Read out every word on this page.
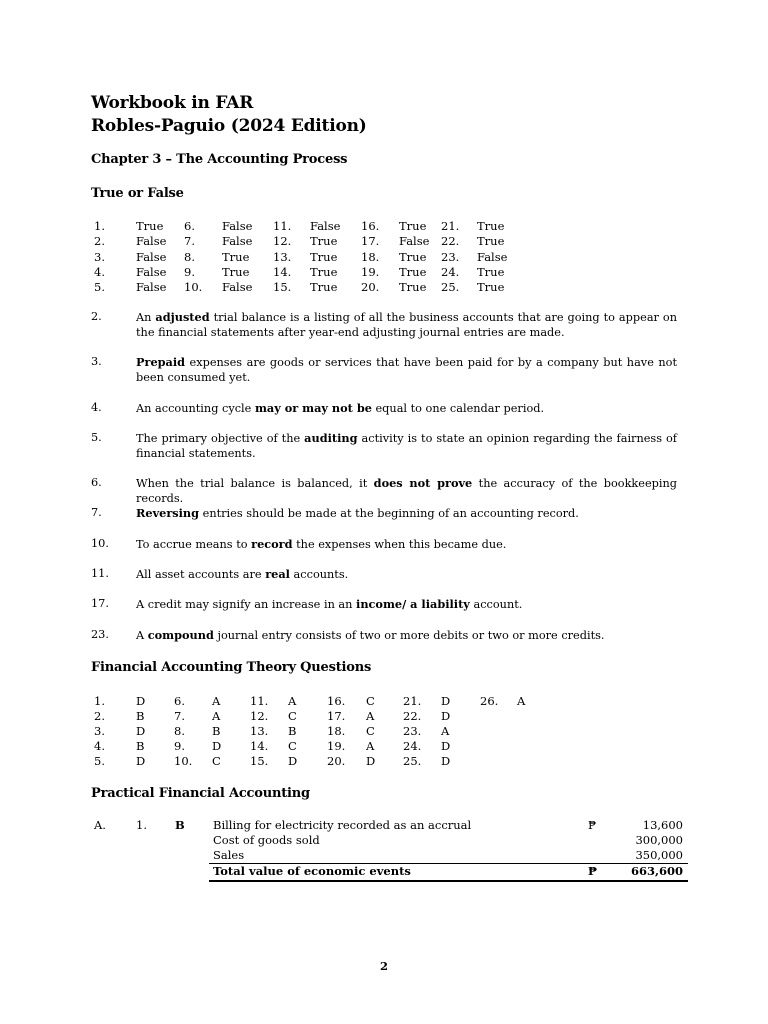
Workbook in FAR
Robles-Paguio (2024 Edition)
Chapter 3 – The Accounting Process
True or False
1.	True 6. False 11. False 16. True 21. True
2.	False 7. False 12. True 17. False 22. True
3.	False 8. True 13. True 18. True 23. False
4.	False 9. True 14. True 19. True 24. True
5.	False 10. False 15. True 20. True 25. True
2.	An adjusted trial balance is a listing of all the business accounts that are going to appear on the financial statements after year-end adjusting journal entries are made.
3.	Prepaid expenses are goods or services that have been paid for by a company but have not been consumed yet.
4.	An accounting cycle may or may not be equal to one calendar period.
5.	The primary objective of the auditing activity is to state an opinion regarding the fairness of financial statements.
6.	When the trial balance is balanced, it does not prove the accuracy of the bookkeeping records.
7.	Reversing entries should be made at the beginning of an accounting record.
10. To accrue means to record the expenses when this became due.
11. All asset accounts are real accounts.
17. A credit may signify an increase in an income/ a liability account.
23. A compound journal entry consists of two or more debits or two or more credits.
Financial Accounting Theory Questions
1.	D	6. A	11. A	16. C 21. D	26. A
2.	B	7. A	12. C	17. A 22. D
3.	D	8. B	13. B	18. C 23. A
4.	B	9. D	14. C	19. A 24. D
5.	D	10. C	15. D	20. D 25. D
Practical Financial Accounting
A.	1. B Billing for electricity recorded as an accrual	₱	13,600
Cost of goods sold	300,000
Sales	350,000
Total value of economic events	₱	663,600
2
